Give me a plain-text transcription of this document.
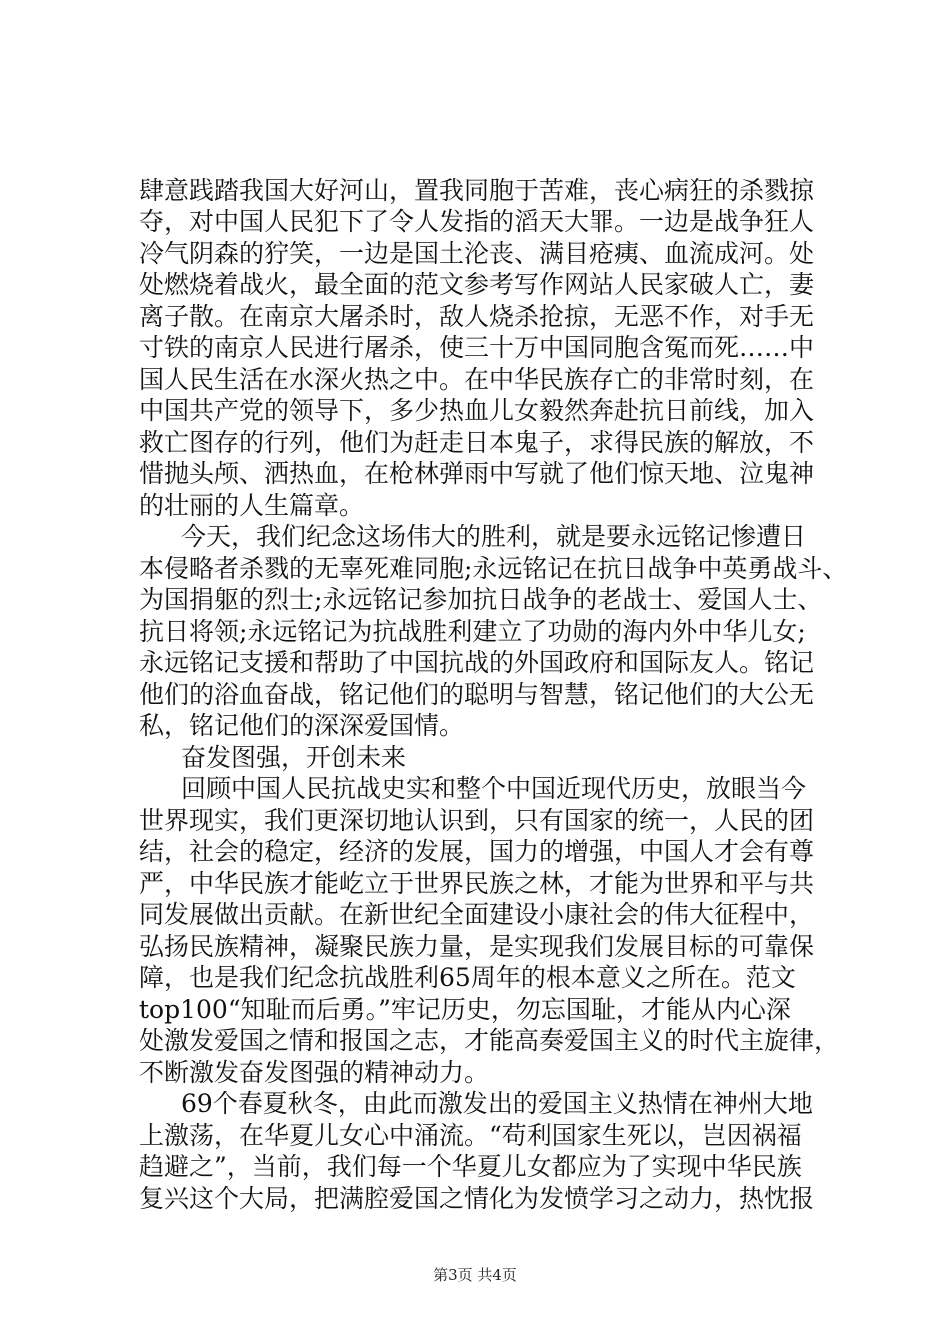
肆意践踏我国大好河山，置我同胞于苦难，丧心病狂的杀戮掠
夺，对中国人民犯下了令人发指的滔天大罪。一边是战争狂人
冷气阴森的狞笑，一边是国土沦丧、满目疮痍、血流成河。处
处燃烧着战火，最全面的范文参考写作网站人民家破人亡，妻
离子散。在南京大屠杀时，敌人烧杀抢掠，无恶不作，对手无
寸铁的南京人民进行屠杀，使三十万中国同胞含冤而死……中
国人民生活在水深火热之中。在中华民族存亡的非常时刻，在
中国共产党的领导下，多少热血儿女毅然奔赴抗日前线，加入
救亡图存的行列，他们为赶走日本鬼子，求得民族的解放，不
惜抛头颅、洒热血，在枪林弹雨中写就了他们惊天地、泣鬼神
的壮丽的人生篇章。
今天，我们纪念这场伟大的胜利，就是要永远铭记惨遭日
本侵略者杀戮的无辜死难同胞;永远铭记在抗日战争中英勇战斗、
为国捐躯的烈士;永远铭记参加抗日战争的老战士、爱国人士、
抗日将领;永远铭记为抗战胜利建立了功勋的海内外中华儿女;
永远铭记支援和帮助了中国抗战的外国政府和国际友人。铭记
他们的浴血奋战，铭记他们的聪明与智慧，铭记他们的大公无
私，铭记他们的深深爱国情。
奋发图强，开创未来
回顾中国人民抗战史实和整个中国近现代历史，放眼当今
世界现实，我们更深切地认识到，只有国家的统一，人民的团
结，社会的稳定，经济的发展，国力的增强，中国人才会有尊
严，中华民族才能屹立于世界民族之林，才能为世界和平与共
同发展做出贡献。在新世纪全面建设小康社会的伟大征程中，
弘扬民族精神，凝聚民族力量，是实现我们发展目标的可靠保
障，也是我们纪念抗战胜利65周年的根本意义之所在。范文
top100“知耻而后勇。”牢记历史，勿忘国耻，才能从内心深
处激发爱国之情和报国之志，才能高奏爱国主义的时代主旋律，
不断激发奋发图强的精神动力。
69个春夏秋冬，由此而激发出的爱国主义热情在神州大地
上激荡，在华夏儿女心中涌流。“苟利国家生死以，岂因祸福
趋避之”，当前，我们每一个华夏儿女都应为了实现中华民族
复兴这个大局，把满腔爱国之情化为发愤学习之动力，热忱报
第3页 共4页
